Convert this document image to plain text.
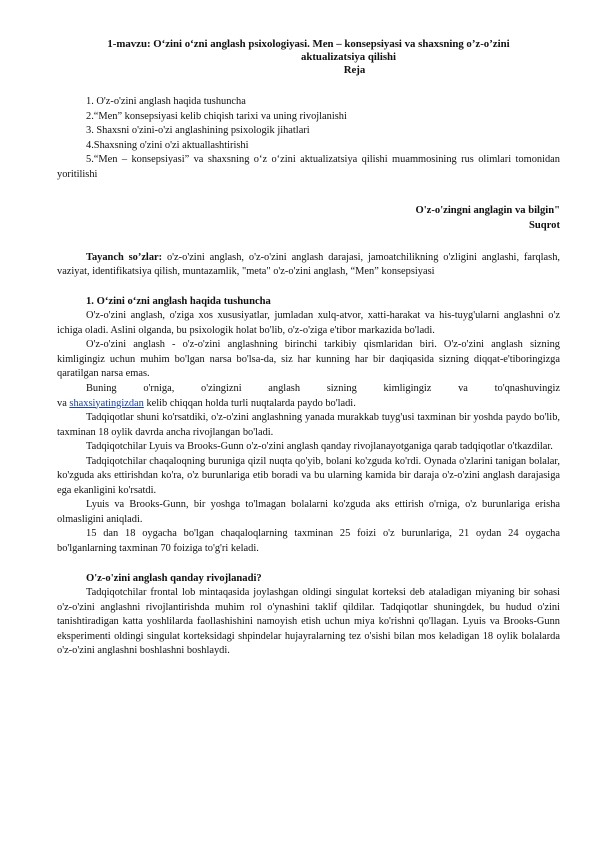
1-mavzu: O‘zini o‘zni anglash psixologiyasi. Men – konsepsiyasi va shaxsning o’z-o’zini
aktualizatsiya qilishi
Reja
1. O'z-o'zini anglash haqida tushuncha
2.“Men” konsepsiyasi kelib chiqish tarixi va uning rivojlanishi
3. Shaxsni o'zini-o'zi anglashining psixologik jihatlari
4.Shaxsning o'zini o'zi aktuallashtirishi
5.“Men – konsepsiyasi” va shaxsning o‘z o‘zini aktualizatsiya qilishi muammosining rus olimlari tomonidan yoritilishi
O'z-o'zingni anglagin va bilgin"
Suqrot

Tayanch so’zlar: o'z-o'zini anglash, o'z-o'zini anglash darajasi, jamoatchilikning o'zligini anglashi, farqlash, vaziyat, identifikatsiya qilish, muntazamlik, "meta" o'z-o'zini anglash, “Men” konsepsiyasi

1. O‘zini o‘zni anglash haqida tushuncha

O'z-o'zini anglash, o'ziga xos xususiyatlar, jumladan xulq-atvor, xatti-harakat va his-tuyg'ularni anglashni o'z ichiga oladi. Aslini olganda, bu psixologik holat bo'lib, o'z-o'ziga e'tibor markazida bo'ladi.

O'z-o'zini anglash - o'z-o'zini anglashning birinchi tarkibiy qismlaridan biri. O'z-o'zini anglash sizning kimligingiz uchun muhim bo'lgan narsa bo'lsa-da, siz har kunning har bir daqiqasida sizning diqqat-e'tiboringizga qaratilgan narsa emas.

Buning o'rniga, o'zingizni anglash sizning kimligingiz va to'qnashuvingiz

va shaxsiyatingizdan kelib chiqqan holda turli nuqtalarda paydo bo'ladi.

Tadqiqotlar shuni ko'rsatdiki, o'z-o'zini anglashning yanada murakkab tuyg'usi taxminan bir yoshda paydo bo'lib, taxminan 18 oylik davrda ancha rivojlangan bo'ladi.

Tadqiqotchilar Lyuis va Brooks-Gunn o'z-o'zini anglash qanday rivojlanayotganiga qarab tadqiqotlar o'tkazdilar.

Tadqiqotchilar chaqaloqning buruniga qizil nuqta qo'yib, bolani ko'zguda ko'rdi. Oynada o'zlarini tanigan bolalar, ko'zguda aks ettirishdan ko'ra, o'z burunlariga etib boradi va bu ularning kamida bir daraja o'z-o'zini anglash darajasiga ega ekanligini ko'rsatdi.

Lyuis va Brooks-Gunn, bir yoshga to'lmagan bolalarni ko'zguda aks ettirish o'rniga, o'z burunlariga erisha olmasligini aniqladi.

15 dan 18 oygacha bo'lgan chaqaloqlarning taxminan 25 foizi o'z burunlariga, 21 oydan 24 oygacha bo'lganlarning taxminan 70 foiziga to'g'ri keladi.

O'z-o'zini anglash qanday rivojlanadi?

Tadqiqotchilar frontal lob mintaqasida joylashgan oldingi singulat korteksi deb ataladigan miyaning bir sohasi o'z-o'zini anglashni rivojlantirishda muhim rol o'ynashini taklif qildilar. Tadqiqotlar shuningdek, bu hudud o'zini tanishtiradigan katta yoshlilarda faollashishini namoyish etish uchun miya ko'rishni qo'llagan. Lyuis va Brooks-Gunn eksperimenti oldingi singulat korteksidagi shpindelar hujayralarning tez o'sishi bilan mos keladigan 18 oylik bolalarda o'z-o'zini anglashni boshlashni boshlaydi.
